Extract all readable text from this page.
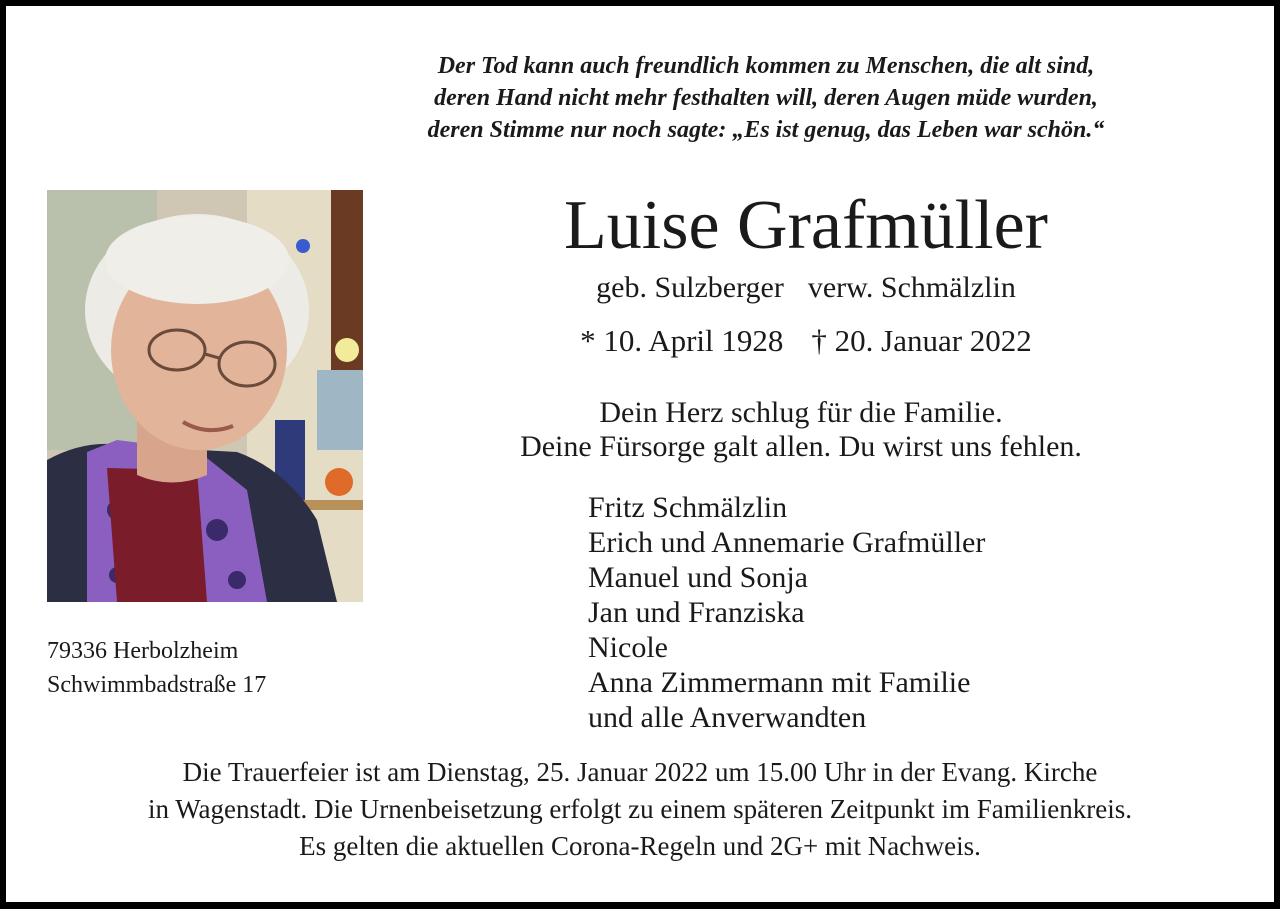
Der Tod kann auch freundlich kommen zu Menschen, die alt sind,
deren Hand nicht mehr festhalten will, deren Augen müde wurden,
deren Stimme nur noch sagte: „Es ist genug, das Leben war schön.“
Luise Grafmüller
geb. Sulzberger verw. Schmälzlin
* 10. April 1928 † 20. Januar 2022
Dein Herz schlug für die Familie.
Deine Fürsorge galt allen. Du wirst uns fehlen.
Fritz Schmälzlin
Erich und Annemarie Grafmüller
Manuel und Sonja
Jan und Franziska
Nicole
Anna Zimmermann mit Familie
und alle Anverwandten
79336 Herbolzheim
Schwimmbadstraße 17
Die Trauerfeier ist am Dienstag, 25. Januar 2022 um 15.00 Uhr in der Evang. Kirche
in Wagenstadt. Die Urnenbeisetzung erfolgt zu einem späteren Zeitpunkt im Familienkreis.
Es gelten die aktuellen Corona-Regeln und 2G+ mit Nachweis.
